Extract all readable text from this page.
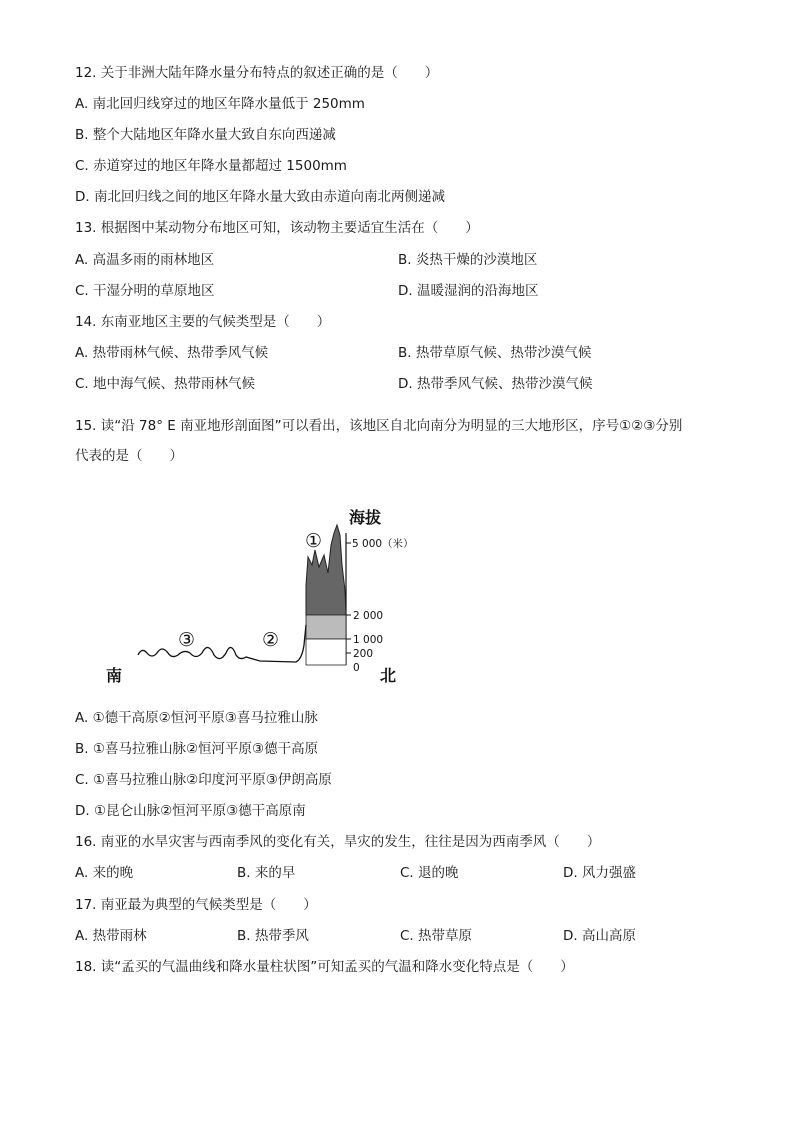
12. 关于非洲大陆年降水量分布特点的叙述正确的是（　　）
A. 南北回归线穿过的地区年降水量低于 250mm
B. 整个大陆地区年降水量大致自东向西递减
C. 赤道穿过的地区年降水量都超过 1500mm
D. 南北回归线之间的地区年降水量大致由赤道向南北两侧递减
13. 根据图中某动物分布地区可知，该动物主要适宜生活在（　　）
A. 高温多雨的雨林地区	B. 炎热干燥的沙漠地区
C. 干湿分明的草原地区	D. 温暖湿润的沿海地区
14. 东南亚地区主要的气候类型是（　　）
A. 热带雨林气候、热带季风气候	B. 热带草原气候、热带沙漠气候
C. 地中海气候、热带雨林气候	D. 热带季风气候、热带沙漠气候
15. 读“沿 78° E 南亚地形剖面图”可以看出，该地区自北向南分为明显的三大地形区，序号①②③分别
代表的是（　　）
①
②
③
海拔
5 000（米）
2 000
1 000
200
0
南	北
A. ①德干高原②恒河平原③喜马拉雅山脉
B. ①喜马拉雅山脉②恒河平原③德干高原
C. ①喜马拉雅山脉②印度河平原③伊朗高原
D. ①昆仑山脉②恒河平原③德干高原南
16. 南亚的水旱灾害与西南季风的变化有关，旱灾的发生，往往是因为西南季风（　　）
A. 来的晚	B. 来的早	C. 退的晚	D. 风力强盛
17. 南亚最为典型的气候类型是（　　）
A. 热带雨林	B. 热带季风	C. 热带草原	D. 高山高原
18. 读“孟买的气温曲线和降水量柱状图”可知孟买的气温和降水变化特点是（　　）
